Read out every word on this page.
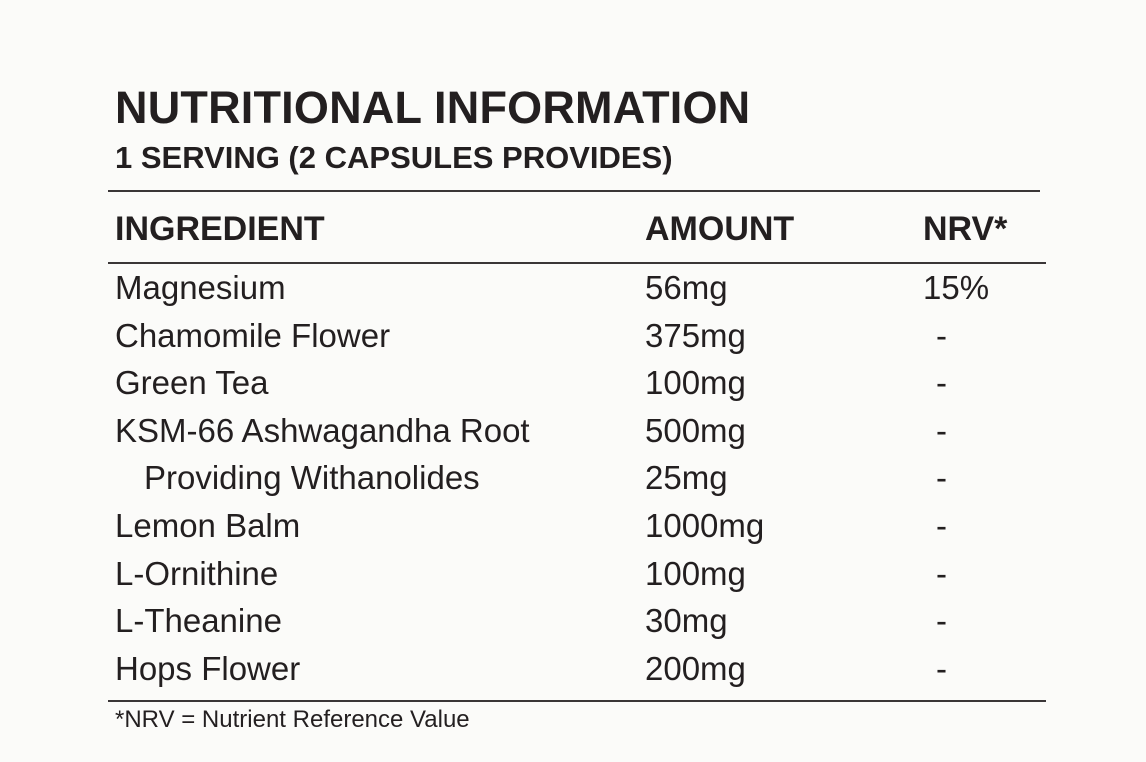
NUTRITIONAL INFORMATION
1 SERVING (2 CAPSULES PROVIDES)
INGREDIENT	AMOUNT	NRV*
Magnesium	56mg	15%
Chamomile Flower	375mg	-
Green Tea	100mg	-
KSM-66 Ashwagandha Root	500mg	-
Providing Withanolides	25mg	-
Lemon Balm	1000mg	-
L-Ornithine	100mg	-
L-Theanine	30mg	-
Hops Flower	200mg	-
*NRV = Nutrient Reference Value
